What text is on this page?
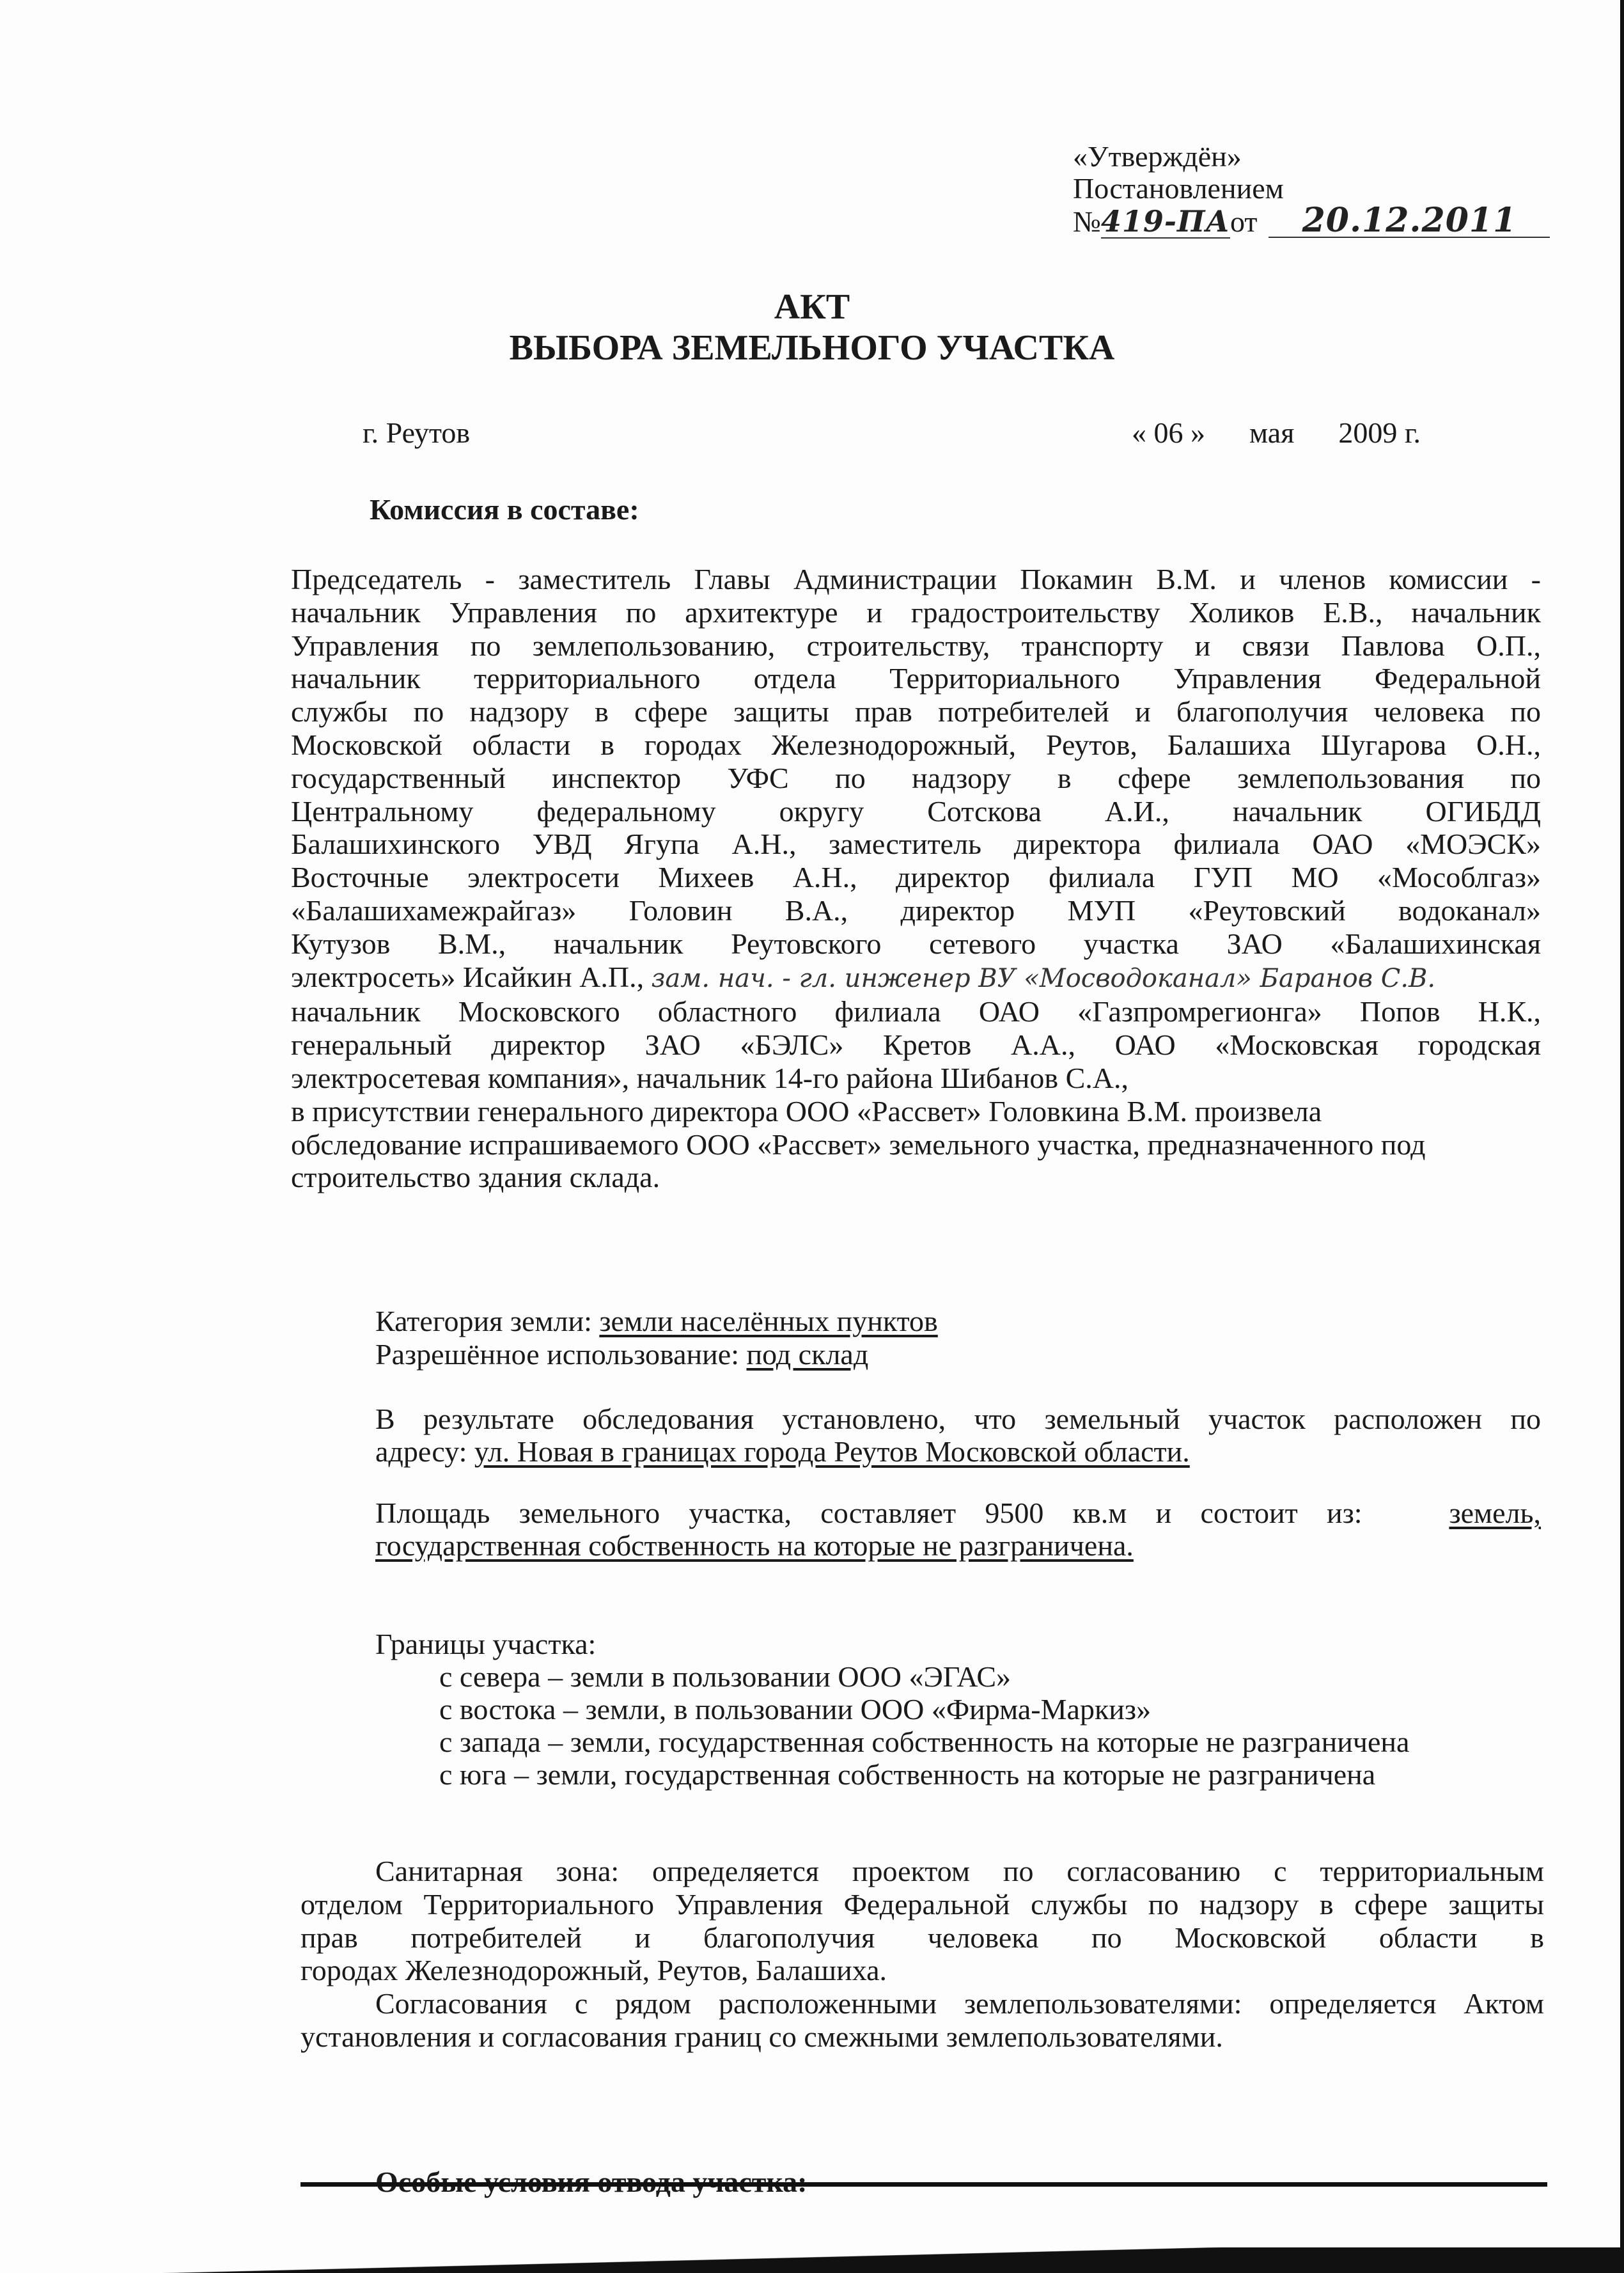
«Утверждён»
Постановлением
№419-ПАот 20.12.2011
АКТ
ВЫБОРА ЗЕМЕЛЬНОГО УЧАСТКА
г. Реутов	« 06 » мая 2009 г.
Комиссия в составе:

Председатель - заместитель Главы Администрации Покамин В.М. и членов комиссии -

начальник Управления по архитектуре и градостроительству Холиков Е.В., начальник

Управления по землепользованию, строительству, транспорту и связи Павлова О.П.,

начальник территориального отдела Территориального Управления Федеральной

службы по надзору в сфере защиты прав потребителей и благополучия человека по

Московской области в городах Железнодорожный, Реутов, Балашиха Шугарова О.Н.,

государственный инспектор УФС по надзору в сфере землепользования по

Центральному федеральному округу Сотскова А.И., начальник ОГИБДД

Балашихинского УВД Ягупа А.Н., заместитель директора филиала ОАО «МОЭСК»

Восточные электросети Михеев А.Н., директор филиала ГУП МО «Мособлгаз»

«Балашихамежрайгаз» Головин В.А., директор МУП «Реутовский водоканал»

Кутузов В.М., начальник Реутовского сетевого участка ЗАО «Балашихинская

электросеть» Исайкин А.П., зам. нач. - гл. инженер ВУ «Мосводоканал» Баранов С.В.

начальник Московского областного филиала ОАО «Газпромрегионга» Попов Н.К.,

генеральный директор ЗАО «БЭЛС» Кретов А.А., ОАО «Московская городская

электросетевая компания», начальник 14-го района Шибанов С.А.,

в присутствии генерального директора ООО «Рассвет» Головкина В.М. произвела

обследование испрашиваемого ООО «Рассвет» земельного участка, предназначенного под

строительство здания склада.

Категория земли: земли населённых пунктов
Разрешённое использование: под склад

В результате обследования установлено, что земельный участок расположен по

адресу: ул. Новая в границах города Реутов Московской области.

Площадь земельного участка, составляет 9500 кв.м и состоит из:	земель,

государственная собственность на которые не разграничена.

Границы участка:
с севера – земли в пользовании ООО «ЭГАС»
с востока – земли, в пользовании ООО «Фирма-Маркиз»
с запада – земли, государственная собственность на которые не разграничена
с юга – земли, государственная собственность на которые не разграничена

Санитарная зона: определяется проектом по согласованию с территориальным

отделом Территориального Управления Федеральной службы по надзору в сфере защиты

прав потребителей и благополучия человека по Московской области в

городах Железнодорожный, Реутов, Балашиха.

Согласования с рядом расположенными землепользователями: определяется Актом

установления и согласования границ со смежными землепользователями.
